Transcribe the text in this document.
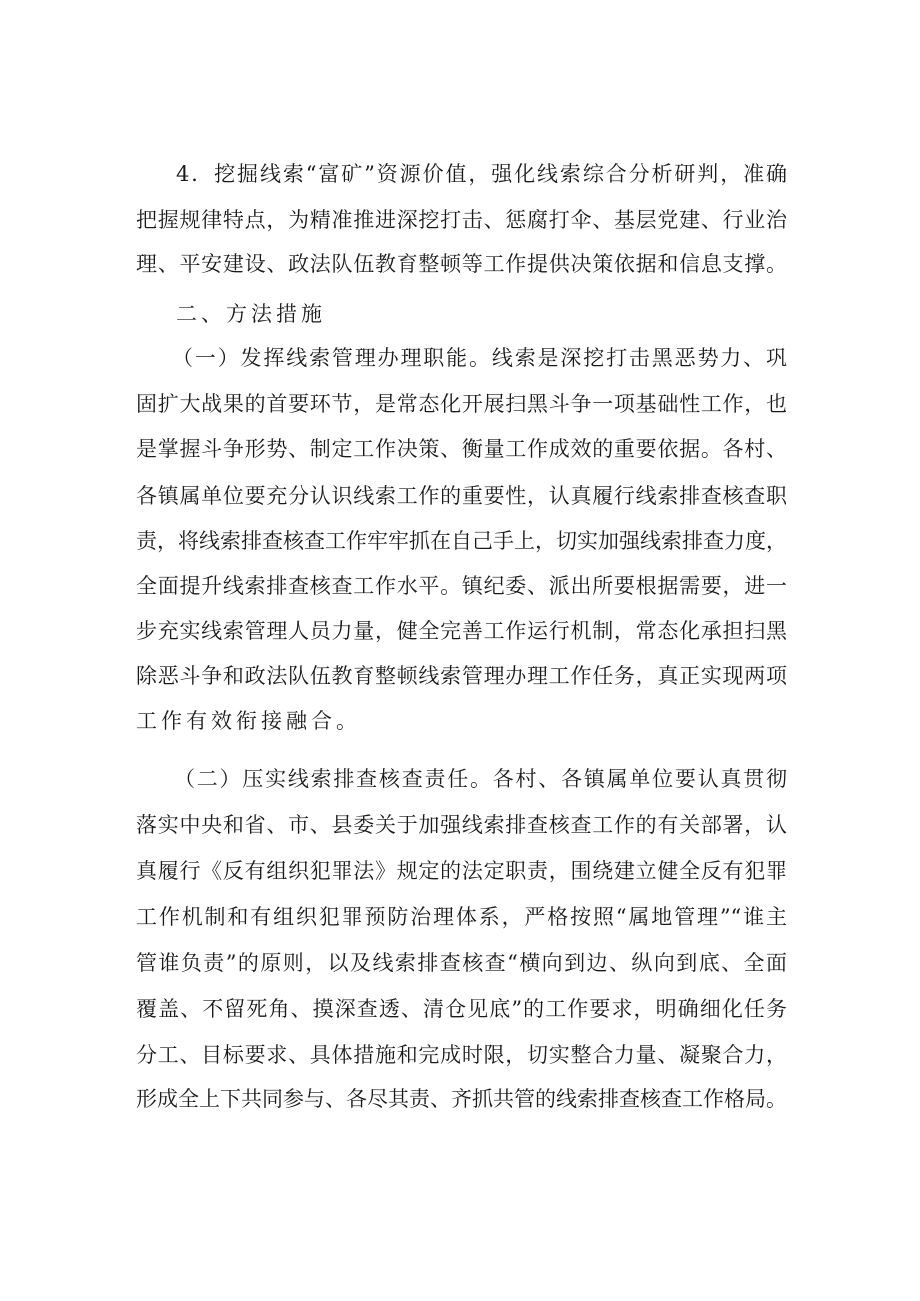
4．挖掘线索“富矿”资源价值，强化线索综合分析研判，准确
把握规律特点，为精准推进深挖打击、惩腐打伞、基层党建、行业治
理、平安建设、政法队伍教育整顿等工作提供决策依据和信息支撑。
二、方法措施
（一）发挥线索管理办理职能。线索是深挖打击黑恶势力、巩
固扩大战果的首要环节，是常态化开展扫黑斗争一项基础性工作，也
是掌握斗争形势、制定工作决策、衡量工作成效的重要依据。各村、
各镇属单位要充分认识线索工作的重要性，认真履行线索排查核查职
责，将线索排查核查工作牢牢抓在自己手上，切实加强线索排查力度，
全面提升线索排查核查工作水平。镇纪委、派出所要根据需要，进一
步充实线索管理人员力量，健全完善工作运行机制，常态化承担扫黑
除恶斗争和政法队伍教育整顿线索管理办理工作任务，真正实现两项
工作有效衔接融合。
（二）压实线索排查核查责任。各村、各镇属单位要认真贯彻
落实中央和省、市、县委关于加强线索排查核查工作的有关部署，认
真履行《反有组织犯罪法》规定的法定职责，围绕建立健全反有犯罪
工作机制和有组织犯罪预防治理体系，严格按照“属地管理”“谁主
管谁负责”的原则，以及线索排查核查“横向到边、纵向到底、全面
覆盖、不留死角、摸深查透、清仓见底”的工作要求，明确细化任务
分工、目标要求、具体措施和完成时限，切实整合力量、凝聚合力，
形成全上下共同参与、各尽其责、齐抓共管的线索排查核查工作格局。
